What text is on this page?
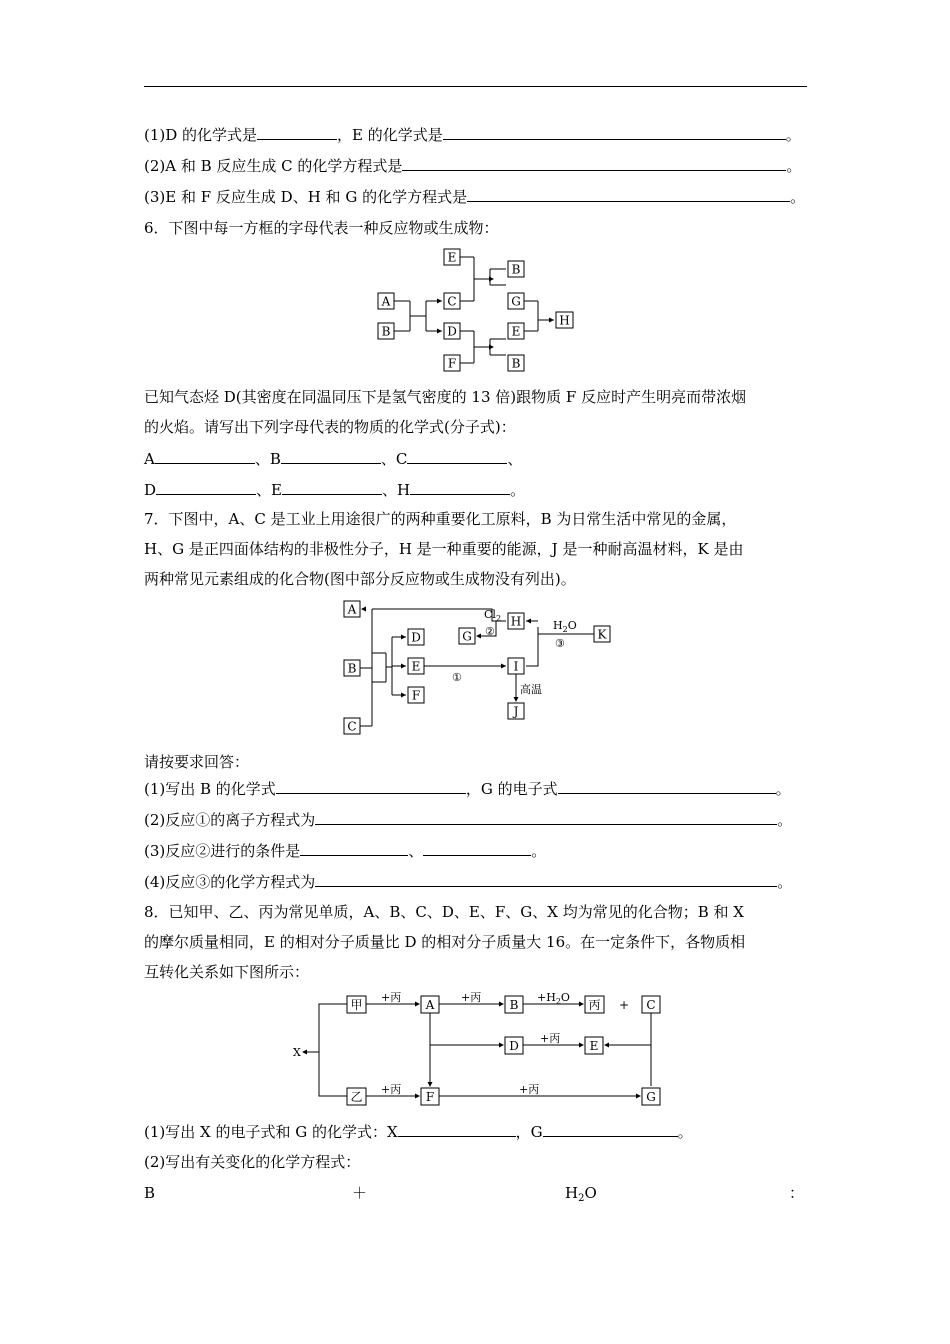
(1)D 的化学式是	，E 的化学式是	。
(2)A 和 B 反应生成 C 的化学方程式是	。
(3)E 和 F 反应生成 D、H 和 G 的化学方程式是	。
6．下图中每一方框的字母代表一种反应物或生成物：
E
B
A	C	G
H
B	D	E
F	B
已知气态烃 D(其密度在同温同压下是氢气密度的 13 倍)跟物质 F 反应时产生明亮而带浓烟
的火焰。请写出下列字母代表的物质的化学式(分子式)：
A	、B	、C	、
D	、E	、H	。
7．下图中，A、C 是工业上用途很广的两种重要化工原料，B 为日常生活中常见的金属，
H、G 是正四面体结构的非极性分子，H 是一种重要的能源，J 是一种耐高温材料，K 是由
两种常见元素组成的化合物(图中部分反应物或生成物没有列出)。
A
B
C
D
E
F
G
H
I
J
K
$Cl_2$
②	$H_2O$
③
①
高温
请按要求回答：
(1)写出 B 的化学式	，G 的电子式	。
(2)反应①的离子方程式为	。
(3)反应②进行的条件是	、	。
(4)反应③的化学方程式为	。
8．已知甲、乙、丙为常见单质，A、B、C、D、E、F、G、X 均为常见的化合物；B 和 X
的摩尔质量相同，E 的相对分子质量比 D 的相对分子质量大 16。在一定条件下，各物质相
互转化关系如下图所示：
甲	A	B	丙	C
D	E
乙	F	G
X
+丙	+丙	$+H_2O$
+
+丙
+丙	+丙
(1)写出 X 的电子式和 G 的化学式：X	，G	。
(2)写出有关变化的化学方程式：
B	＋	$H_2O$	：
